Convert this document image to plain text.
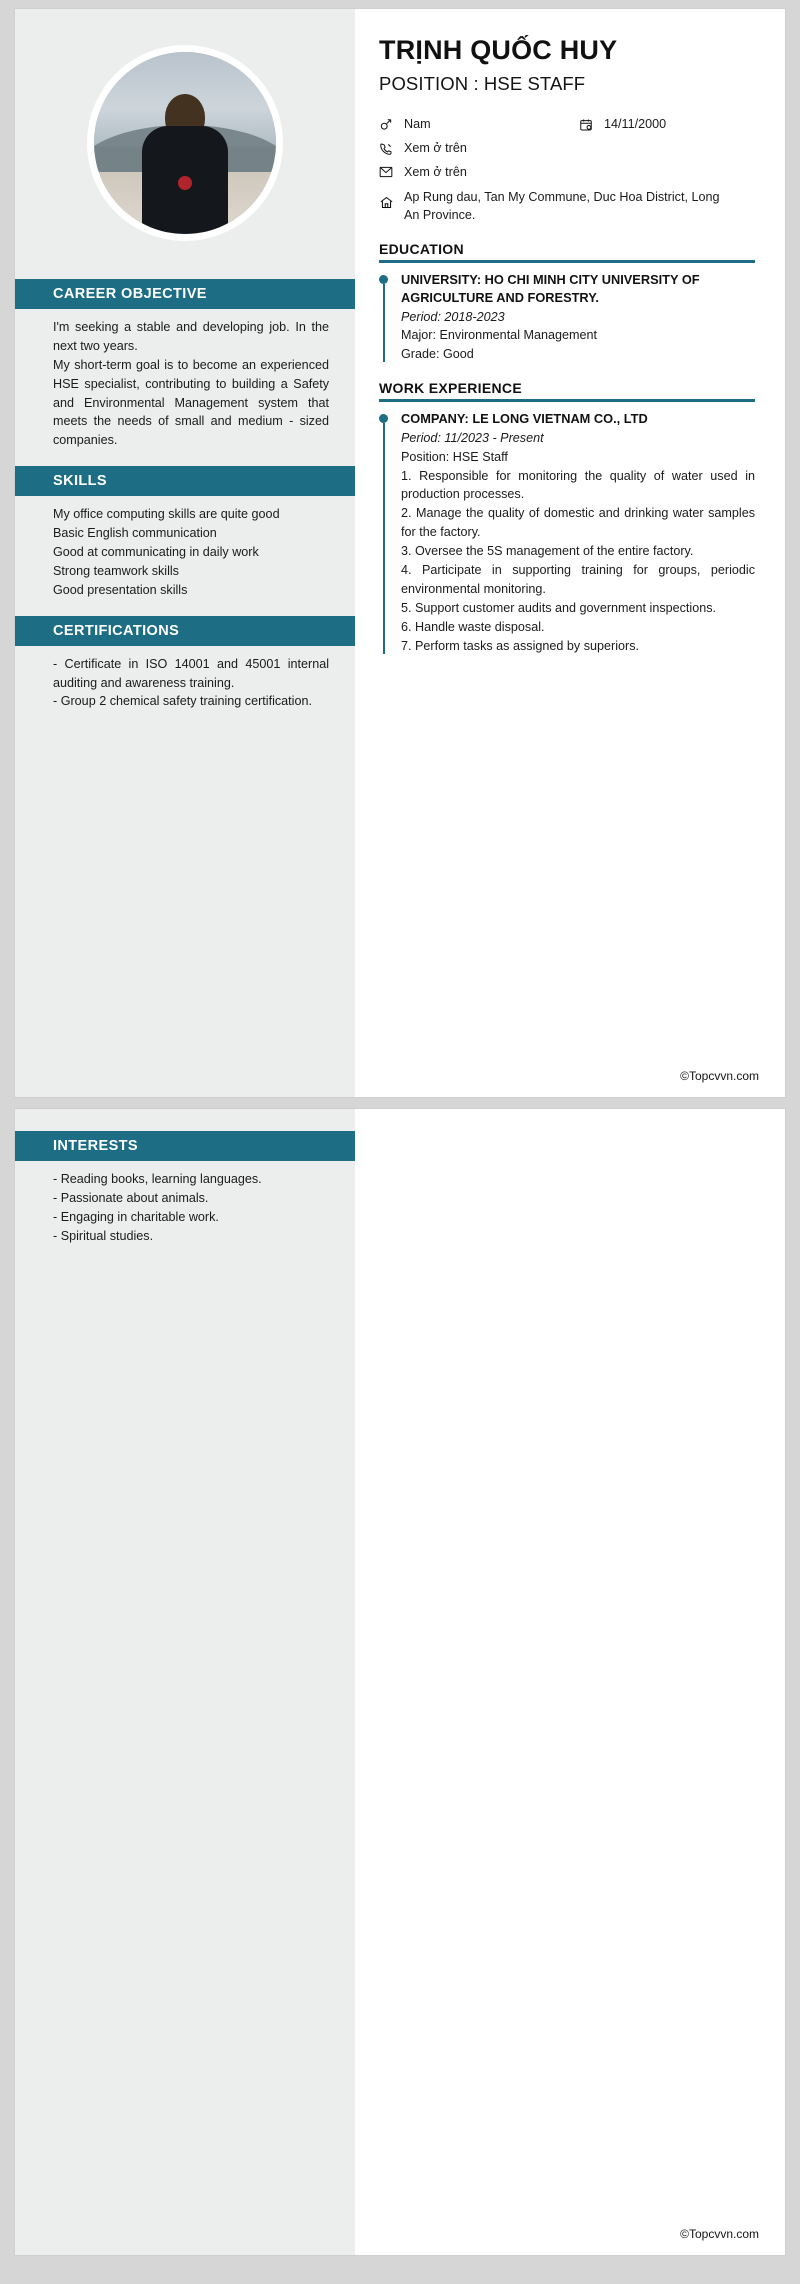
CAREER OBJECTIVE

I'm seeking a stable and developing job. In the next two years.

My short-term goal is to become an experienced HSE specialist, contributing to building a Safety and Environmental Management system that meets the needs of small and medium - sized companies.

SKILLS

My office computing skills are quite good

Basic English communication

Good at communicating in daily work

Strong teamwork skills

Good presentation skills

CERTIFICATIONS

- Certificate in ISO 14001 and 45001 internal auditing and awareness training.

- Group 2 chemical safety training certification.

TRỊNH QUỐC HUY
POSITION : HSE STAFF
Nam	14/11/2000
Xem ở trên
Xem ở trên
Ap Rung dau, Tan My Commune, Duc Hoa District, Long An Province.
EDUCATION
UNIVERSITY: HO CHI MINH CITY UNIVERSITY OF AGRICULTURE AND FORESTRY.
Period: 2018-2023
Major: Environmental Management
Grade: Good
WORK EXPERIENCE
COMPANY: LE LONG VIETNAM CO., LTD
Period: 11/2023 - Present
Position: HSE Staff
1. Responsible for monitoring the quality of water used in production processes.
2. Manage the quality of domestic and drinking water samples for the factory.
3. Oversee the 5S management of the entire factory.
4. Participate in supporting training for groups, periodic environmental monitoring.
5. Support customer audits and government inspections.
6. Handle waste disposal.
7. Perform tasks as assigned by superiors.
©Topcvvn.com
INTERESTS

- Reading books, learning languages.

- Passionate about animals.

- Engaging in charitable work.

- Spiritual studies.

©Topcvvn.com
